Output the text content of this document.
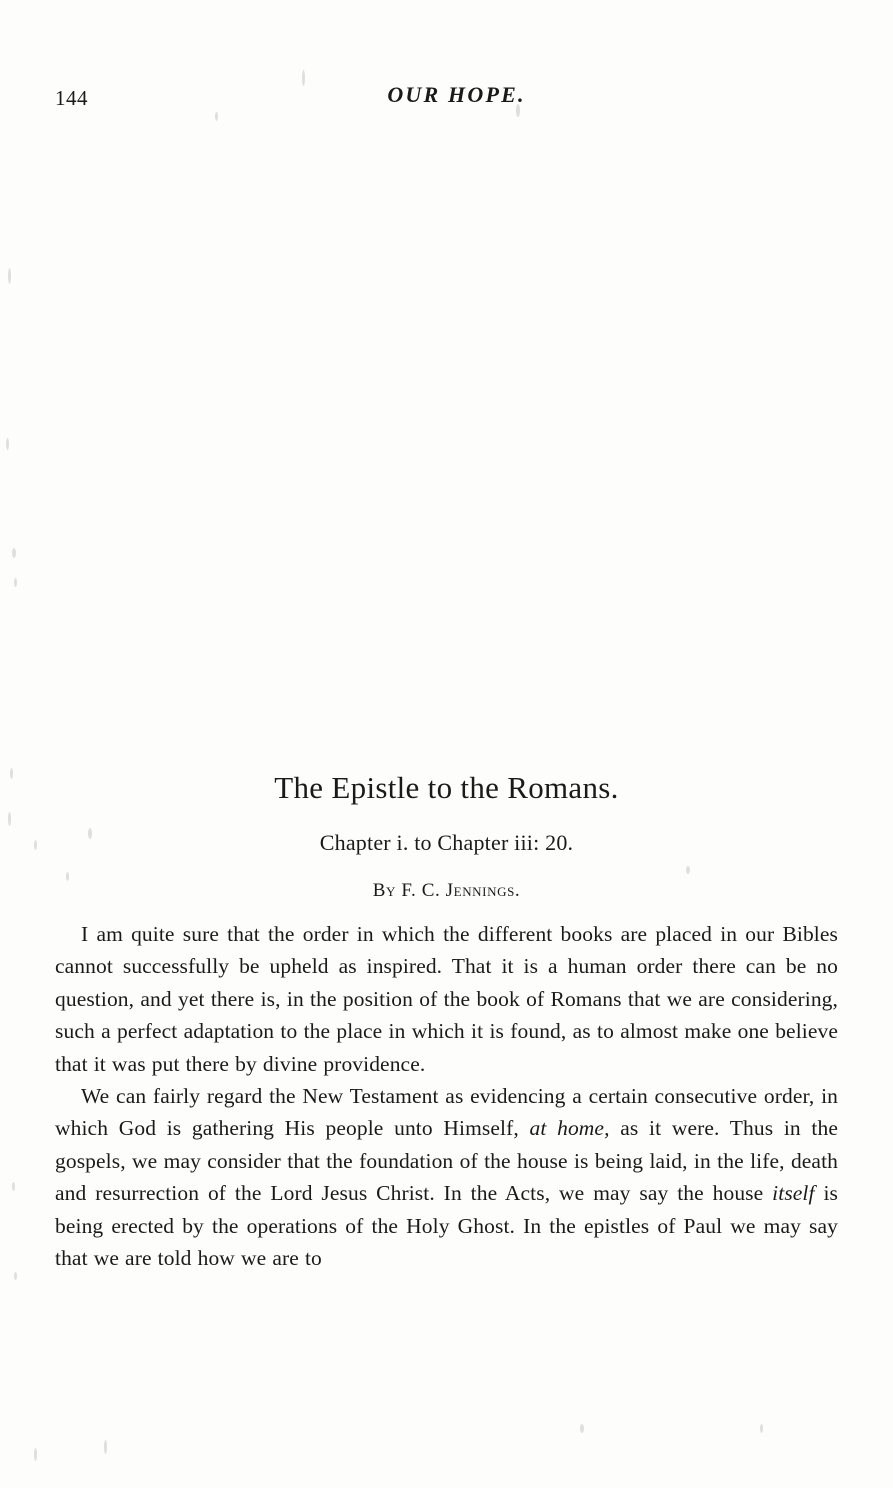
144	OUR HOPE.
The Epistle to the Romans.
Chapter i. to Chapter iii: 20.
By F. C. Jennings.

I am quite sure that the order in which the different books are placed in our Bibles cannot successfully be upheld as inspired. That it is a human order there can be no question, and yet there is, in the position of the book of Romans that we are considering, such a perfect adaptation to the place in which it is found, as to almost make one believe that it was put there by divine providence.

We can fairly regard the New Testament as evidencing a certain consecutive order, in which God is gathering His people unto Himself, at home, as it were. Thus in the gospels, we may consider that the foundation of the house is being laid, in the life, death and resurrection of the Lord Jesus Christ. In the Acts, we may say the house itself is being erected by the operations of the Holy Ghost. In the epistles of Paul we may say that we are told how we are to
